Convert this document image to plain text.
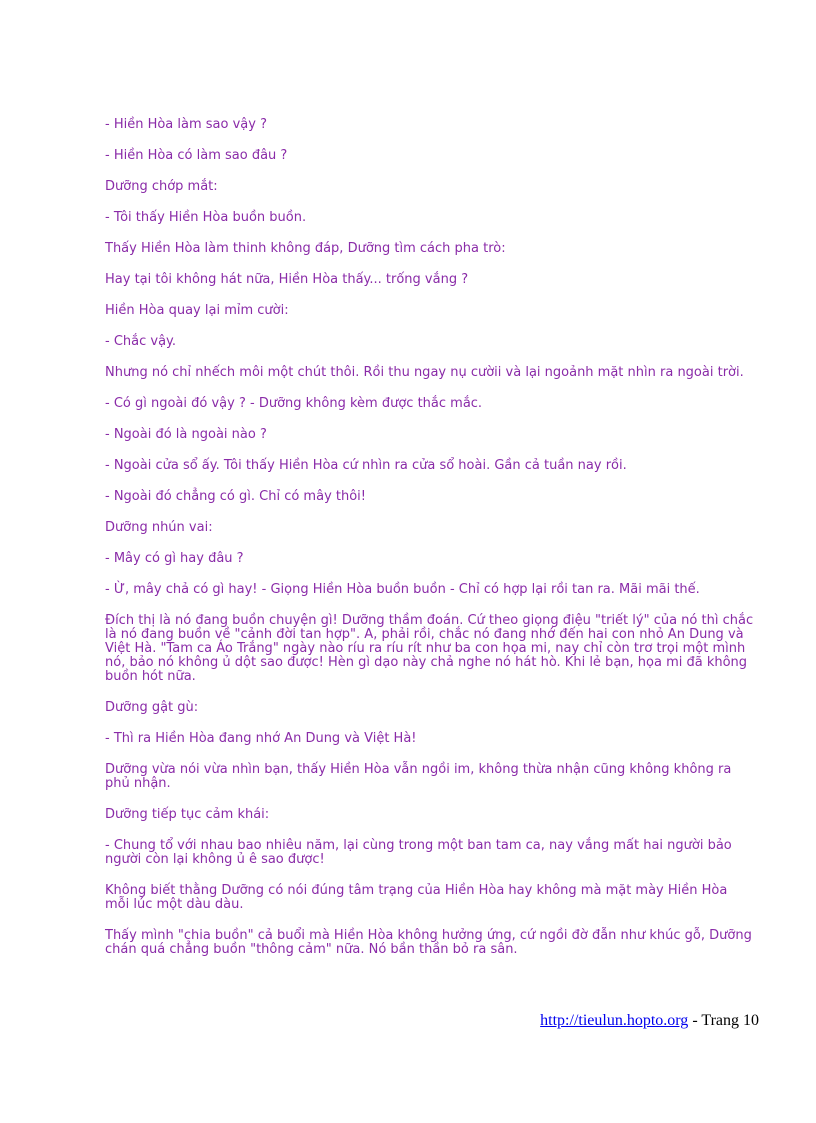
- Hiền Hòa làm sao vậy ?

- Hiền Hòa có làm sao đâu ?

Dưỡng chớp mắt:

- Tôi thấy Hiền Hòa buồn buồn.

Thấy Hiền Hòa làm thinh không đáp, Dưỡng tìm cách pha trò:

Hay tại tôi không hát nữa, Hiền Hòa thấy... trống vắng ?

Hiền Hòa quay lại mỉm cười:

- Chắc vậy.

Nhưng nó chỉ nhếch môi một chút thôi. Rồi thu ngay nụ cườii và lại ngoảnh mặt nhìn ra ngoài trời.

- Có gì ngoài đó vậy ? - Dưỡng không kèm được thắc mắc.

- Ngoài đó là ngoài nào ?

- Ngoài cửa sổ ấy. Tôi thấy Hiền Hòa cứ nhìn ra cửa sổ hoài. Gần cả tuần nay rồi.

- Ngoài đó chẳng có gì. Chỉ có mây thôi!

Dưỡng nhún vai:

- Mây có gì hay đâu ?

- Ừ, mây chả có gì hay! - Giọng Hiền Hòa buồn buồn - Chỉ có hợp lại rồi tan ra. Mãi mãi thế.

Đích thị là nó đang buồn chuyện gì! Dưỡng thầm đoán. Cứ theo giọng điệu "triết lý" của nó thì chắc là nó đang buồn về "cảnh đời tan hợp". A, phải rồi, chắc nó đang nhớ đến hai con nhỏ An Dung và Việt Hà. "Tam ca Áo Trắng" ngày nào ríu ra ríu rít như ba con họa mi, nay chỉ còn trơ trọi một mình nó, bảo nó không ủ dột sao được! Hèn gì dạo này chả nghe nó hát hò. Khi lẻ bạn, họa mi đã không buồn hót nữa.

Dưỡng gật gù:

- Thì ra Hiền Hòa đang nhớ An Dung và Việt Hà!

Dưỡng vừa nói vừa nhìn bạn, thấy Hiền Hòa vẫn ngồi im, không thừa nhận cũng không không ra phủ nhận.

Dưỡng tiếp tục cảm khái:

- Chung tổ với nhau bao nhiêu năm, lại cùng trong một ban tam ca, nay vắng mất hai người bảo người còn lại không ủ ê sao được!

Không biết thằng Dưỡng có nói đúng tâm trạng của Hiền Hòa hay không mà mặt mày Hiền Hòa mỗi lúc một dàu dàu.

Thấy mình "chia buồn" cả buổi mà Hiền Hòa không hưởng ứng, cứ ngồi đờ đẫn như khúc gỗ, Dưỡng chán quá chẳng buồn "thông cảm" nữa. Nó bần thần bỏ ra sân.

http://tieulun.hopto.org - Trang 10
